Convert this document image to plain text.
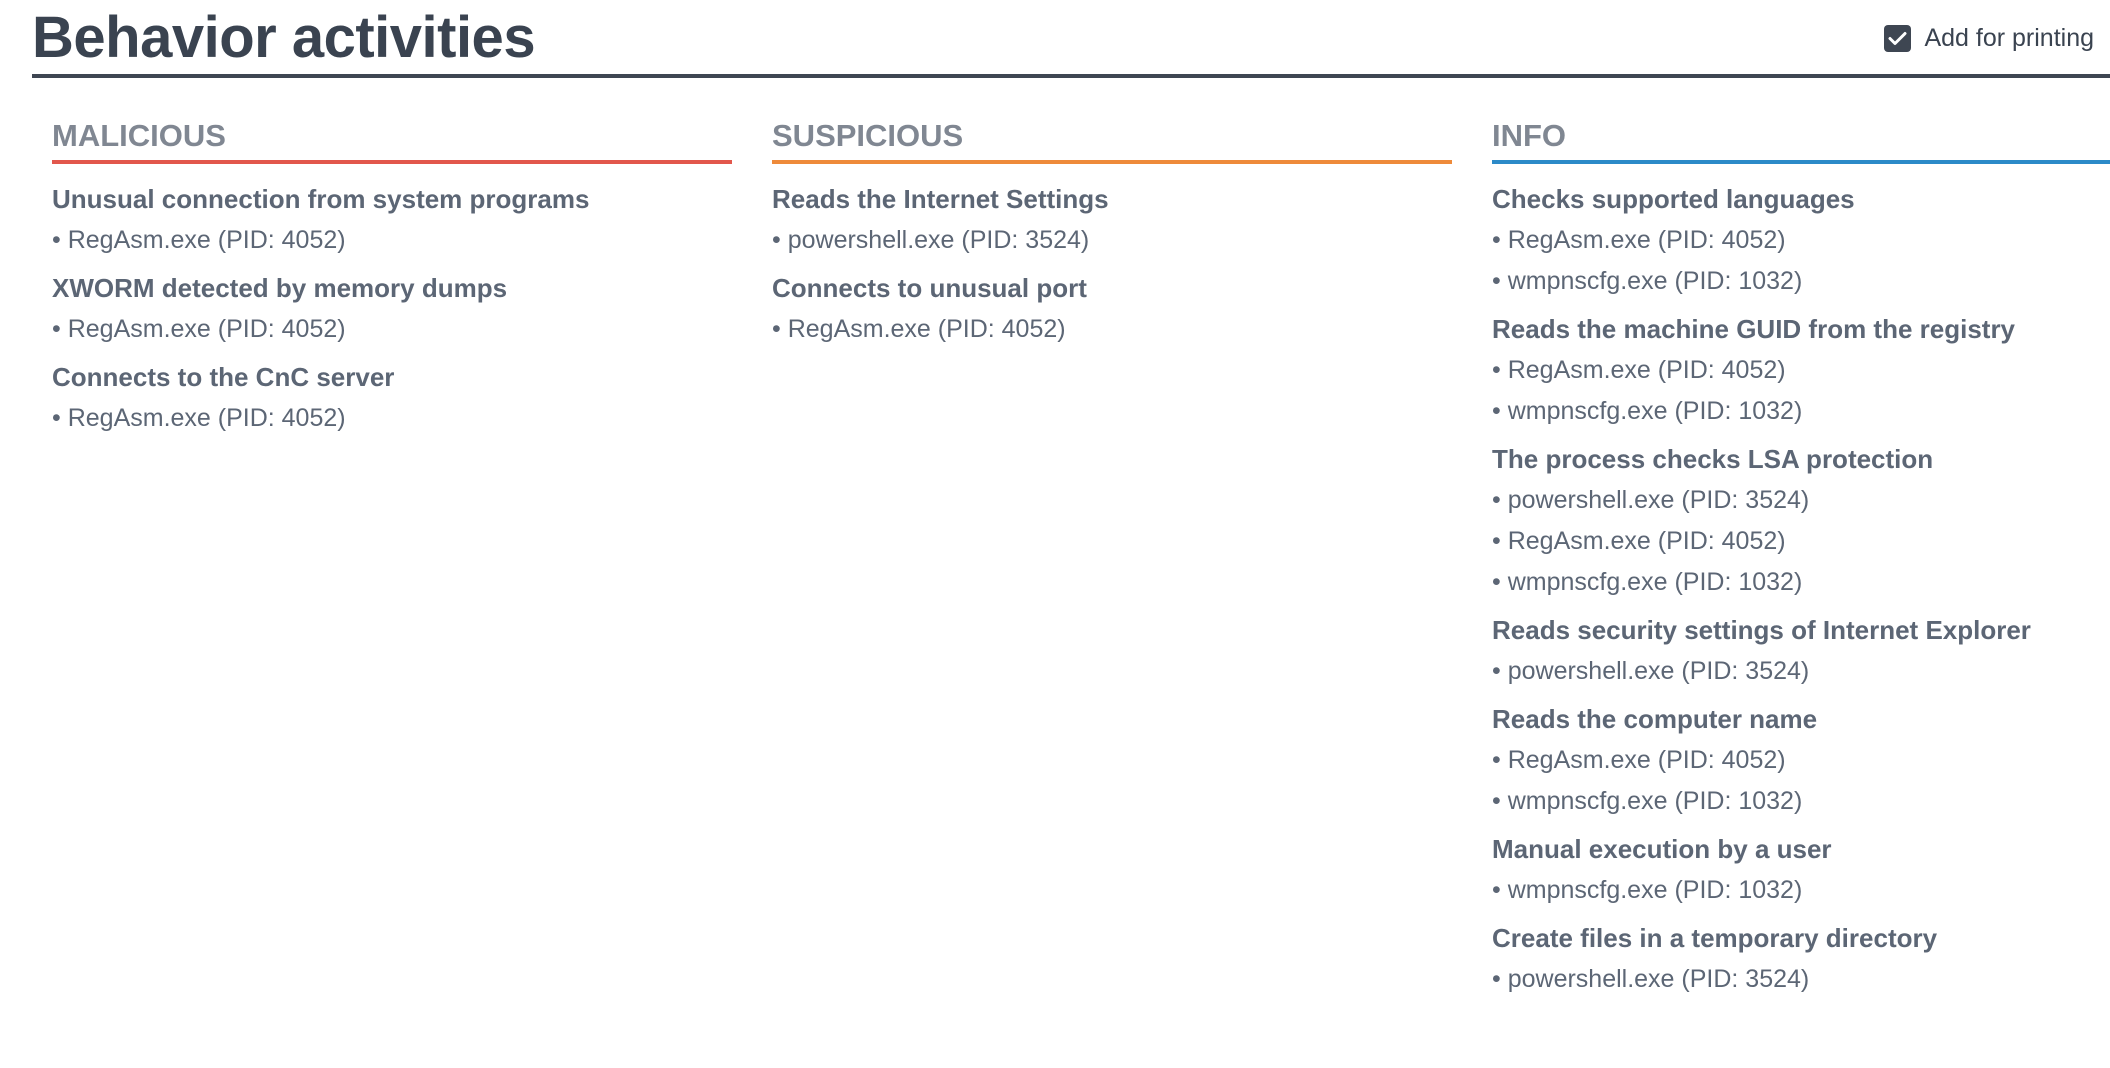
Behavior activities	Add for printing
MALICIOUS
Unusual connection from system programs
• RegAsm.exe (PID: 4052)
XWORM detected by memory dumps
• RegAsm.exe (PID: 4052)
Connects to the CnC server
• RegAsm.exe (PID: 4052)
SUSPICIOUS
Reads the Internet Settings
• powershell.exe (PID: 3524)
Connects to unusual port
• RegAsm.exe (PID: 4052)
INFO
Checks supported languages
• RegAsm.exe (PID: 4052)
• wmpnscfg.exe (PID: 1032)
Reads the machine GUID from the registry
• RegAsm.exe (PID: 4052)
• wmpnscfg.exe (PID: 1032)
The process checks LSA protection
• powershell.exe (PID: 3524)
• RegAsm.exe (PID: 4052)
• wmpnscfg.exe (PID: 1032)
Reads security settings of Internet Explorer
• powershell.exe (PID: 3524)
Reads the computer name
• RegAsm.exe (PID: 4052)
• wmpnscfg.exe (PID: 1032)
Manual execution by a user
• wmpnscfg.exe (PID: 1032)
Create files in a temporary directory
• powershell.exe (PID: 3524)
